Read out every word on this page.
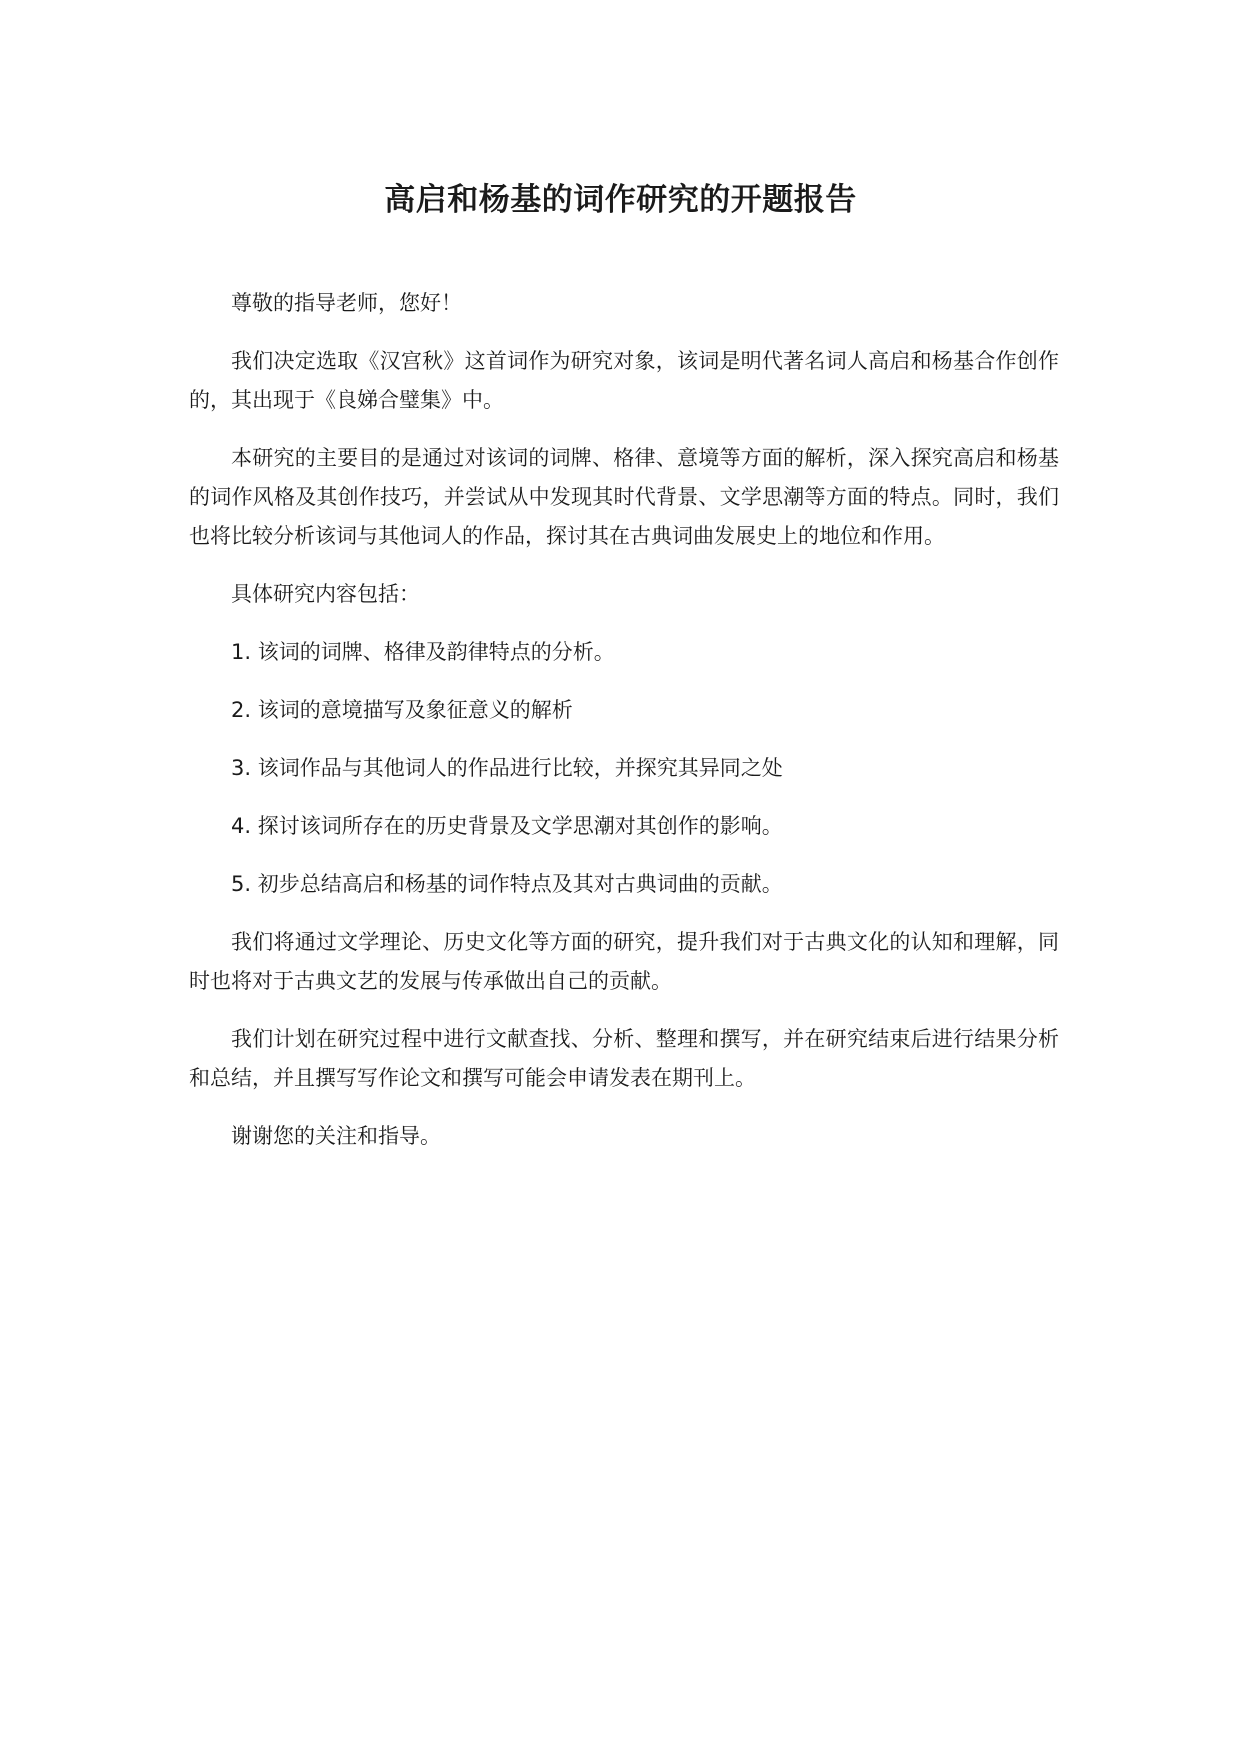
高启和杨基的词作研究的开题报告

尊敬的指导老师，您好！

我们决定选取《汉宫秋》这首词作为研究对象，该词是明代著名词人高启和杨基合作创作的，其出现于《良娣合璧集》中。

本研究的主要目的是通过对该词的词牌、格律、意境等方面的解析，深入探究高启和杨基的词作风格及其创作技巧，并尝试从中发现其时代背景、文学思潮等方面的特点。同时，我们也将比较分析该词与其他词人的作品，探讨其在古典词曲发展史上的地位和作用。

具体研究内容包括：

1. 该词的词牌、格律及韵律特点的分析。

2. 该词的意境描写及象征意义的解析

3. 该词作品与其他词人的作品进行比较，并探究其异同之处

4. 探讨该词所存在的历史背景及文学思潮对其创作的影响。

5. 初步总结高启和杨基的词作特点及其对古典词曲的贡献。

我们将通过文学理论、历史文化等方面的研究，提升我们对于古典文化的认知和理解，同时也将对于古典文艺的发展与传承做出自己的贡献。

我们计划在研究过程中进行文献查找、分析、整理和撰写，并在研究结束后进行结果分析和总结，并且撰写写作论文和撰写可能会申请发表在期刊上。

谢谢您的关注和指导。
